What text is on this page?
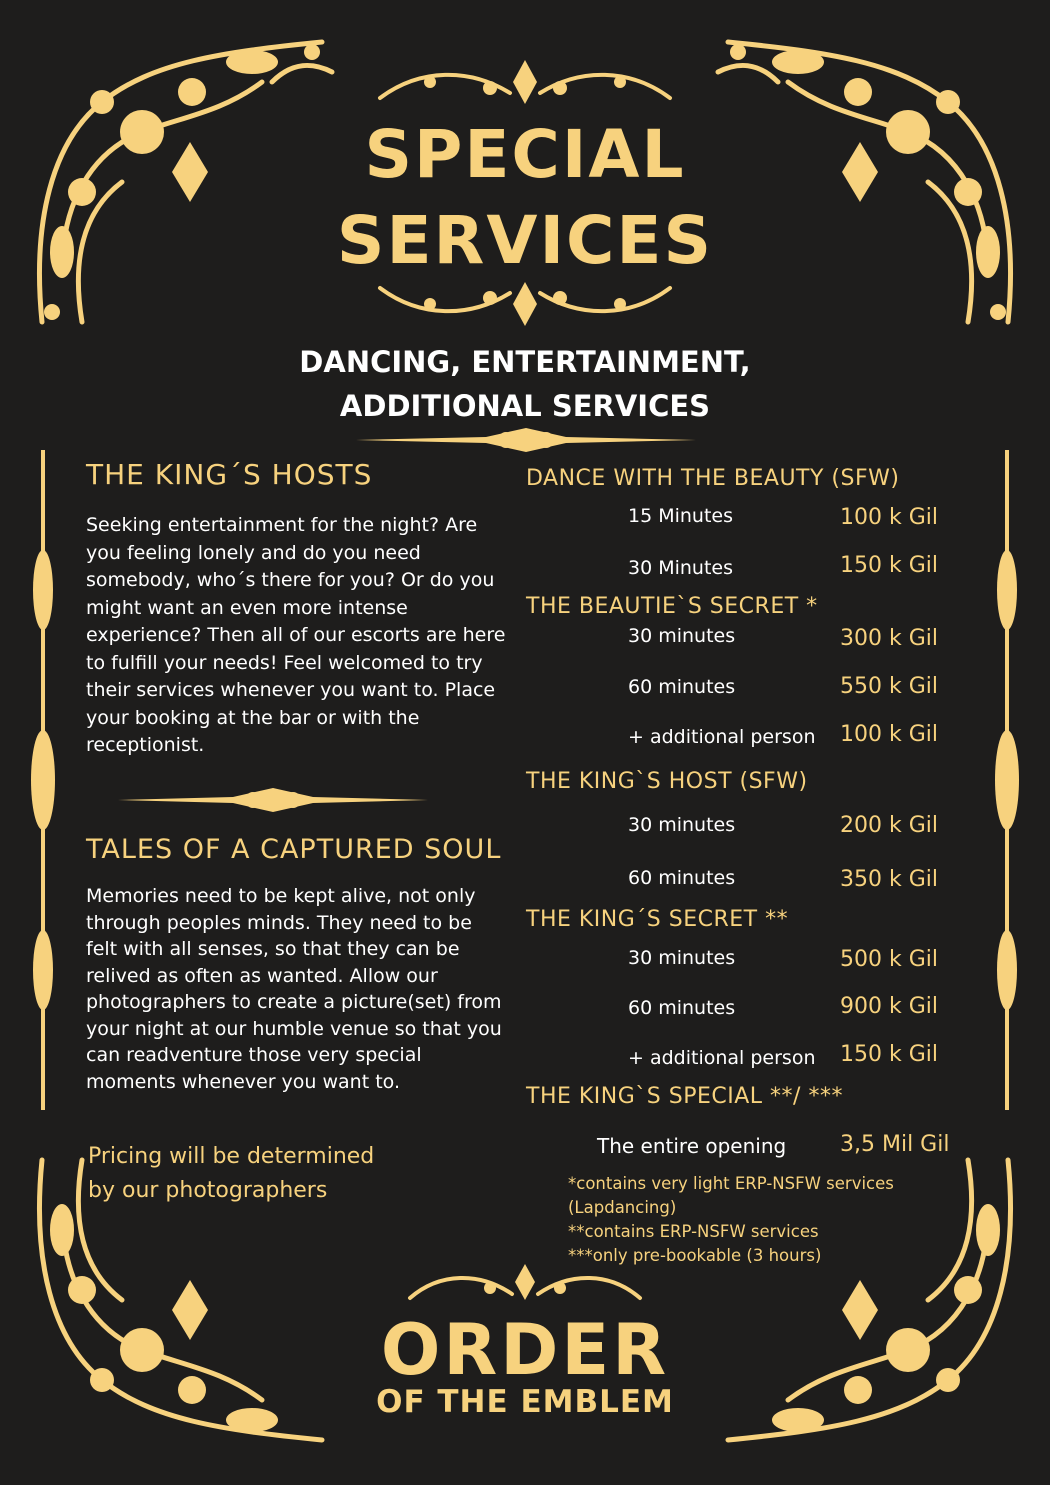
SPECIAL
SERVICES
DANCING, ENTERTAINMENT,
ADDITIONAL SERVICES
THE KING´S HOSTS
Seeking entertainment for the night? Are you feeling lonely and do you need somebody, who´s there for you? Or do you might want an even more intense experience? Then all of our escorts are here to fulfill your needs! Feel welcomed to try their services whenever you want to. Place your booking at the bar or with the receptionist.
TALES OF A CAPTURED SOUL
Memories need to be kept alive, not only through peoples minds. They need to be felt with all senses, so that they can be relived as often as wanted. Allow our photographers to create a picture(set) from your night at our humble venue so that you can readventure those very special moments whenever you want to.
Pricing will be determined
by our photographers
DANCE WITH THE BEAUTY (SFW)
15 Minutes	100 k Gil
30 Minutes	150 k Gil
THE BEAUTIE`S SECRET *
30 minutes	300 k Gil
60 minutes	550 k Gil
+ additional person 100 k Gil
THE KING`S HOST (SFW)
30 minutes	200 k Gil
60 minutes	350 k Gil
THE KING´S SECRET **
30 minutes	500 k Gil
60 minutes	900 k Gil
+ additional person 150 k Gil
THE KING`S SPECIAL **/ ***
The entire opening 3,5 Mil Gil
*contains very light ERP-NSFW services
(Lapdancing)
**contains ERP-NSFW services
***only pre-bookable (3 hours)
ORDER
OF THE EMBLEM
